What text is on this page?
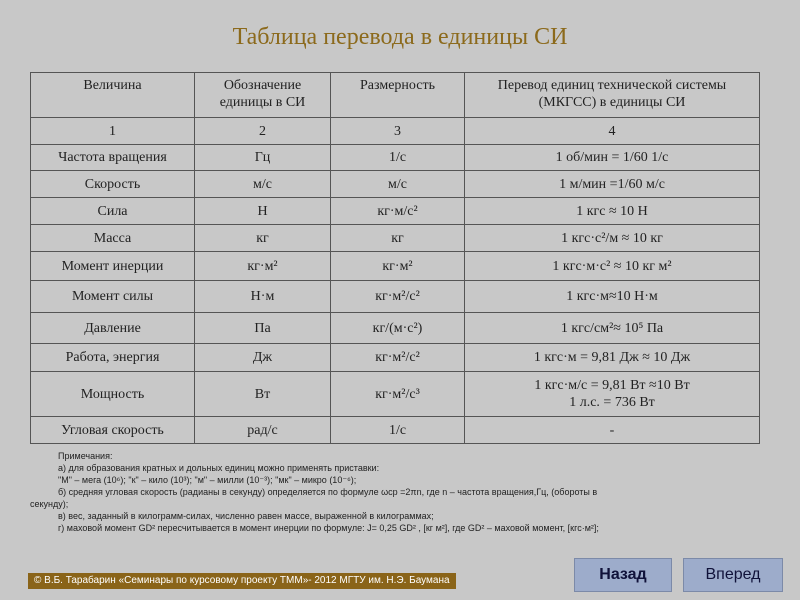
Таблица перевода в единицы СИ
Величина	Обозначение единицы в СИ	Размерность	Перевод единиц технической системы (МКГСС) в единицы СИ
1	2	3	4
Частота вращения	Гц	1/с	1 об/мин = 1/60 1/с
Скорость	м/с	м/с	1 м/мин =1/60 м/с
Сила	Н	кг·м/с²	1 кгс ≈ 10 Н
Масса	кг	кг	1 кгс·с²/м ≈ 10 кг
Момент инерции	кг·м²	кг·м²	1 кгс·м·с² ≈ 10 кг м²
Момент силы	Н·м	кг·м²/с²	1 кгс·м≈10 Н·м
Давление	Па	кг/(м·с²)	1 кгс/см²≈ 10⁵ Па
Работа, энергия	Дж	кг·м²/с²	1 кгс·м = 9,81 Дж ≈ 10 Дж
Мощность	Вт	кг·м²/с³	1 кгс·м/с = 9,81 Вт ≈10 Вт
1 л.с. = 736 Вт
Угловая скорость	рад/с	1/с	-

Примечания:

а) для образования кратных и дольных единиц можно применять приставки:

"М" – мега (10⁶); "к" – кило (10³); "м" – милли (10⁻³); "мк" – микро (10⁻⁶);

б) средняя угловая скорость (радианы в секунду) определяется по формуле ωср =2πn, где n – частота вращения,Гц, (обороты в

секунду);

в) вес, заданный в килограмм-силах, численно равен массе, выраженной в килограммах;

г) маховой момент GD² пересчитывается в момент инерции по формуле: J= 0,25 GD² , [кг м²], где GD² – маховой момент, [кгс·м²];

© В.Б. Тарабарин «Семинары по курсовому проекту ТММ»- 2012 МГТУ им. Н.Э. Баумана	Назад	Вперед
